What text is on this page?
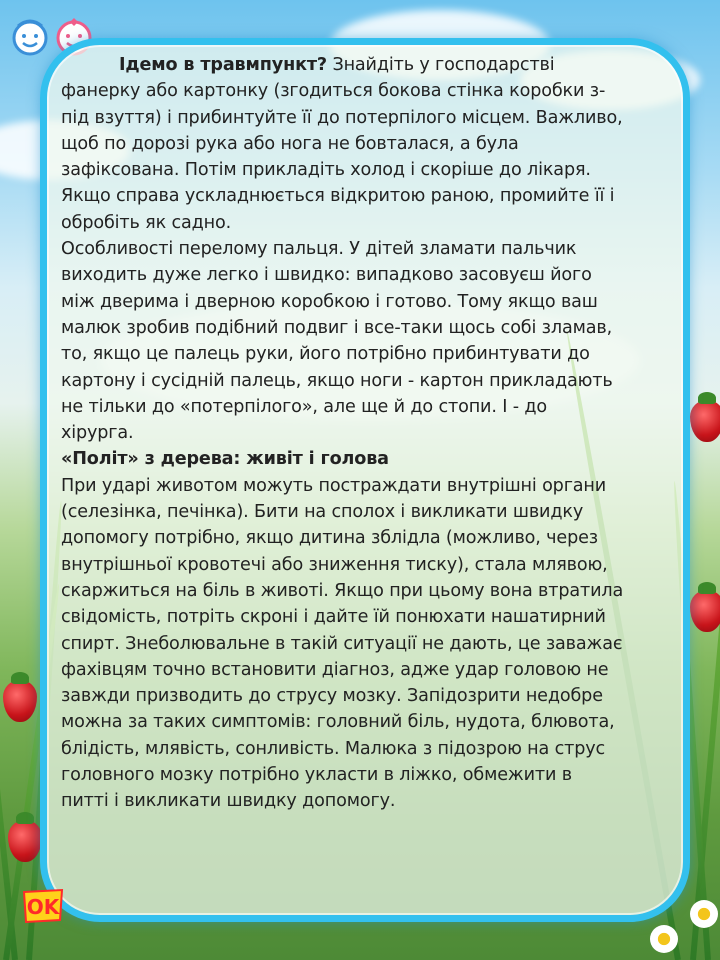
Ідемо в травмпункт? Знайдіть у господарстві
фанерку або картонку (згодиться бокова стінка коробки з-
під взуття) і прибинтуйте її до потерпілого місцем. Важливо,
щоб по дорозі рука або нога не бовталася, а була
зафіксована. Потім прикладіть холод і скоріше до лікаря.
Якщо справа ускладнюється відкритою раною, промийте її і
обробіть як садно.
Особливості перелому пальця. У дітей зламати пальчик
виходить дуже легко і швидко: випадково засовуєш його
між дверима і дверною коробкою і готово. Тому якщо ваш
малюк зробив подібний подвиг і все-таки щось собі зламав,
то, якщо це палець руки, його потрібно прибинтувати до
картону і сусідній палець, якщо ноги - картон прикладають
не тільки до «потерпілого», але ще й до стопи. І - до
хірурга.
«Політ» з дерева: живіт і голова
При ударі животом можуть постраждати внутрішні органи
(селезінка, печінка). Бити на сполох і викликати швидку
допомогу потрібно, якщо дитина зблідла (можливо, через
внутрішньої кровотечі або зниження тиску), стала млявою,
скаржиться на біль в животі. Якщо при цьому вона втратила
свідомість, потріть скроні і дайте їй понюхати нашатирний
спирт. Знеболювальне в такій ситуації не дають, це заважає
фахівцям точно встановити діагноз, адже удар головою не
завжди призводить до струсу мозку. Запідозрити недобре
можна за таких симптомів: головний біль, нудота, блювота,
блідість, млявість, сонливість. Малюка з підозрою на струс
головного мозку потрібно укласти в ліжко, обмежити в
питті і викликати швидку допомогу.
OK
